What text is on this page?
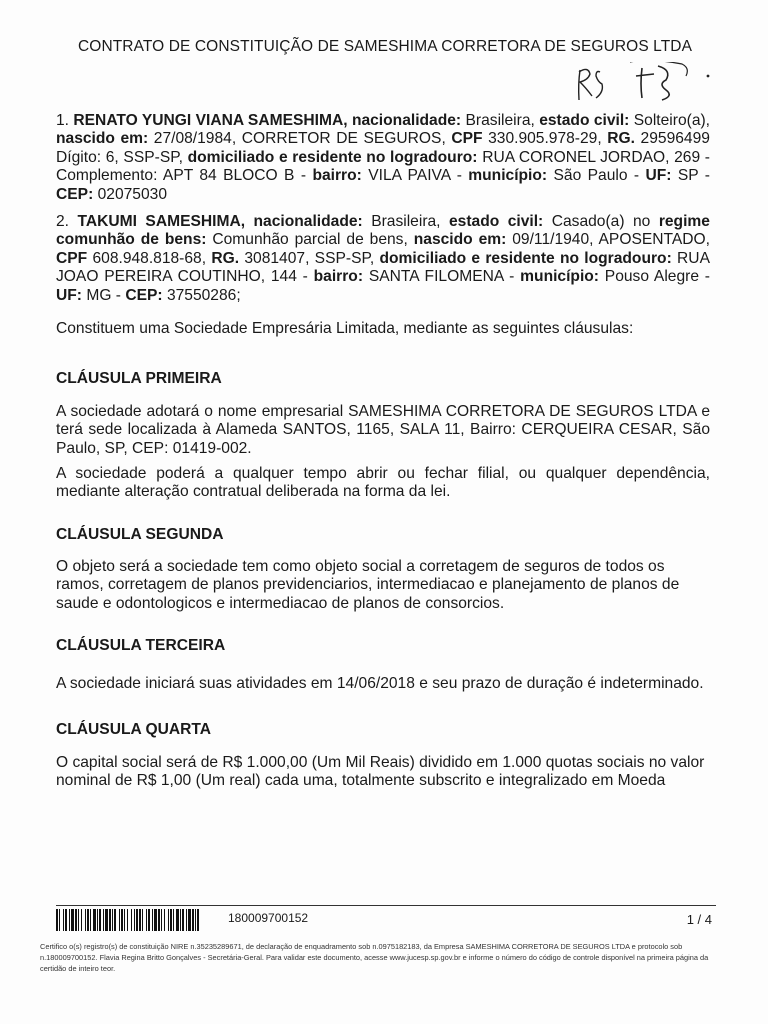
CONTRATO DE CONSTITUIÇÃO DE SAMESHIMA CORRETORA DE SEGUROS LTDA
1. RENATO YUNGI VIANA SAMESHIMA, nacionalidade: Brasileira, estado civil: Solteiro(a), nascido em: 27/08/1984, CORRETOR DE SEGUROS, CPF 330.905.978-29, RG. 29596499 Dígito: 6, SSP-SP, domiciliado e residente no logradouro: RUA CORONEL JORDAO, 269 - Complemento: APT 84 BLOCO B - bairro: VILA PAIVA - município: São Paulo - UF: SP - CEP: 02075030
2. TAKUMI SAMESHIMA, nacionalidade: Brasileira, estado civil: Casado(a) no regime comunhão de bens: Comunhão parcial de bens, nascido em: 09/11/1940, APOSENTADO, CPF 608.948.818-68, RG. 3081407, SSP-SP, domiciliado e residente no logradouro: RUA JOAO PEREIRA COUTINHO, 144 - bairro: SANTA FILOMENA - município: Pouso Alegre - UF: MG - CEP: 37550286;
Constituem uma Sociedade Empresária Limitada, mediante as seguintes cláusulas:
CLÁUSULA PRIMEIRA
A sociedade adotará o nome empresarial SAMESHIMA CORRETORA DE SEGUROS LTDA e terá sede localizada à Alameda SANTOS, 1165, SALA 11, Bairro: CERQUEIRA CESAR, São Paulo, SP, CEP: 01419-002.
A sociedade poderá a qualquer tempo abrir ou fechar filial, ou qualquer dependência, mediante alteração contratual deliberada na forma da lei.
CLÁUSULA SEGUNDA
O objeto será a sociedade tem como objeto social a corretagem de seguros de todos os ramos, corretagem de planos previdenciarios, intermediacao e planejamento de planos de saude e odontologicos e intermediacao de planos de consorcios.
CLÁUSULA TERCEIRA
A sociedade iniciará suas atividades em 14/06/2018 e seu prazo de duração é indeterminado.
CLÁUSULA QUARTA
O capital social será de R$ 1.000,00 (Um Mil Reais) dividido em 1.000 quotas sociais no valor nominal de R$ 1,00 (Um real) cada uma, totalmente subscrito e integralizado em Moeda
180009700152	1 / 4
Certifico o(s) registro(s) de constituição NIRE n.35235289671, de declaração de enquadramento sob n.0975182183, da Empresa SAMESHIMA CORRETORA DE SEGUROS LTDA e protocolo sob n.180009700152. Flavia Regina Britto Gonçalves - Secretária-Geral. Para validar este documento, acesse www.jucesp.sp.gov.br e informe o número do código de controle disponível na primeira página da certidão de inteiro teor.
